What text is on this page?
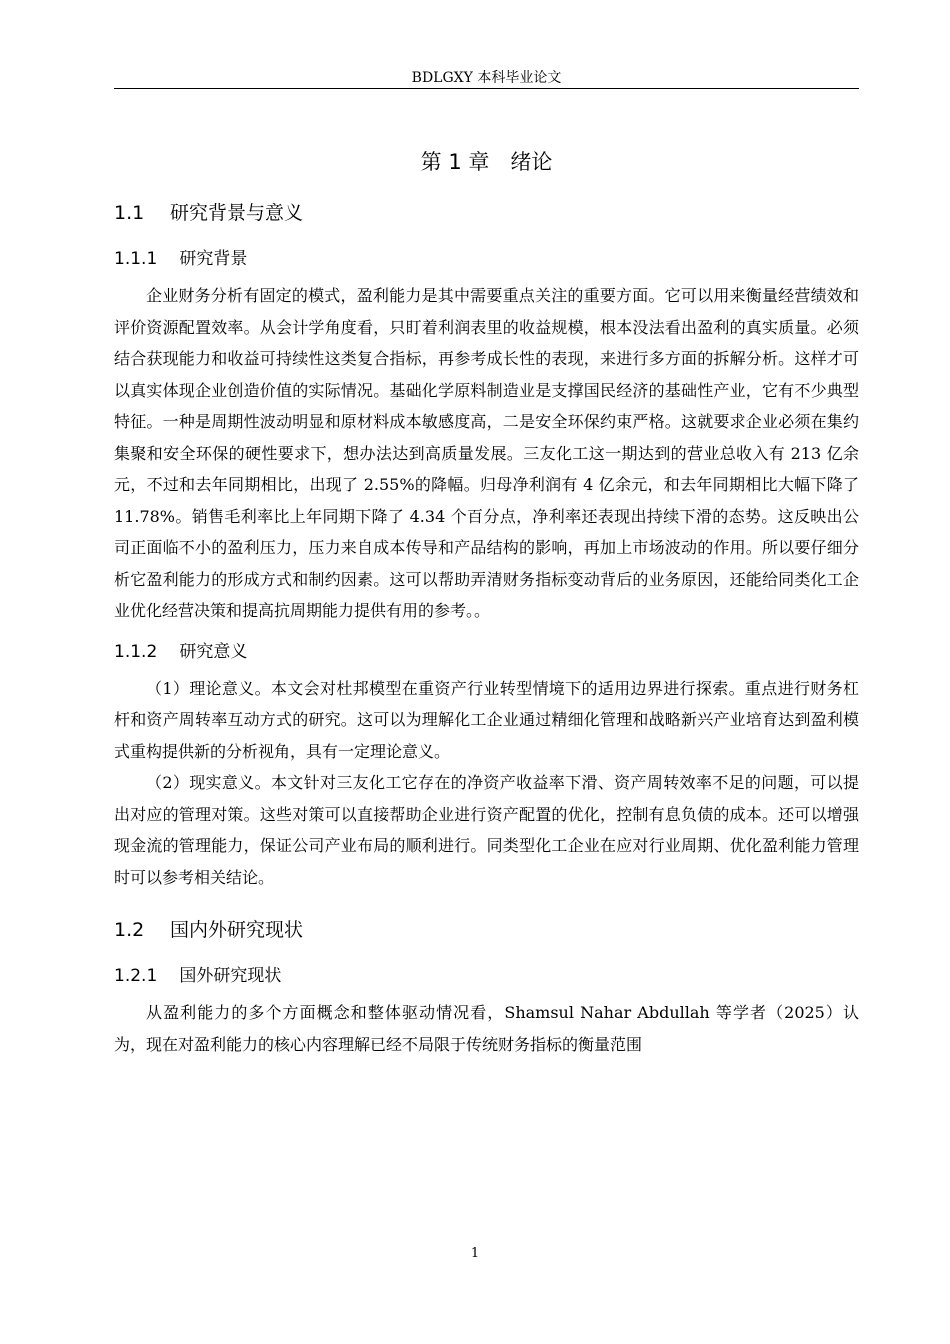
BDLGXY 本科毕业论文
第 1 章　绪论
1.1 研究背景与意义
1.1.1 研究背景

企业财务分析有固定的模式，盈利能力是其中需要重点关注的重要方面。它可以用来衡量经营绩效和评价资源配置效率。从会计学角度看，只盯着利润表里的收益规模，根本没法看出盈利的真实质量。必须结合获现能力和收益可持续性这类复合指标，再参考成长性的表现，来进行多方面的拆解分析。这样才可以真实体现企业创造价值的实际情况。基础化学原料制造业是支撑国民经济的基础性产业，它有不少典型特征。一种是周期性波动明显和原材料成本敏感度高，二是安全环保约束严格。这就要求企业必须在集约集聚和安全环保的硬性要求下，想办法达到高质量发展。三友化工这一期达到的营业总收入有 213 亿余元，不过和去年同期相比，出现了 2.55%的降幅。归母净利润有 4 亿余元，和去年同期相比大幅下降了 11.78%。销售毛利率比上年同期下降了 4.34 个百分点，净利率还表现出持续下滑的态势。这反映出公司正面临不小的盈利压力，压力来自成本传导和产品结构的影响，再加上市场波动的作用。所以要仔细分析它盈利能力的形成方式和制约因素。这可以帮助弄清财务指标变动背后的业务原因，还能给同类化工企业优化经营决策和提高抗周期能力提供有用的参考。。

1.1.2 研究意义

（1）理论意义。本文会对杜邦模型在重资产行业转型情境下的适用边界进行探索。重点进行财务杠杆和资产周转率互动方式的研究。这可以为理解化工企业通过精细化管理和战略新兴产业培育达到盈利模式重构提供新的分析视角，具有一定理论意义。

（2）现实意义。本文针对三友化工它存在的净资产收益率下滑、资产周转效率不足的问题，可以提出对应的管理对策。这些对策可以直接帮助企业进行资产配置的优化，控制有息负债的成本。还可以增强现金流的管理能力，保证公司产业布局的顺利进行。同类型化工企业在应对行业周期、优化盈利能力管理时可以参考相关结论。

1.2 国内外研究现状
1.2.1 国外研究现状

从盈利能力的多个方面概念和整体驱动情况看，Shamsul Nahar Abdullah 等学者（2025）认为，现在对盈利能力的核心内容理解已经不局限于传统财务指标的衡量范围

1
